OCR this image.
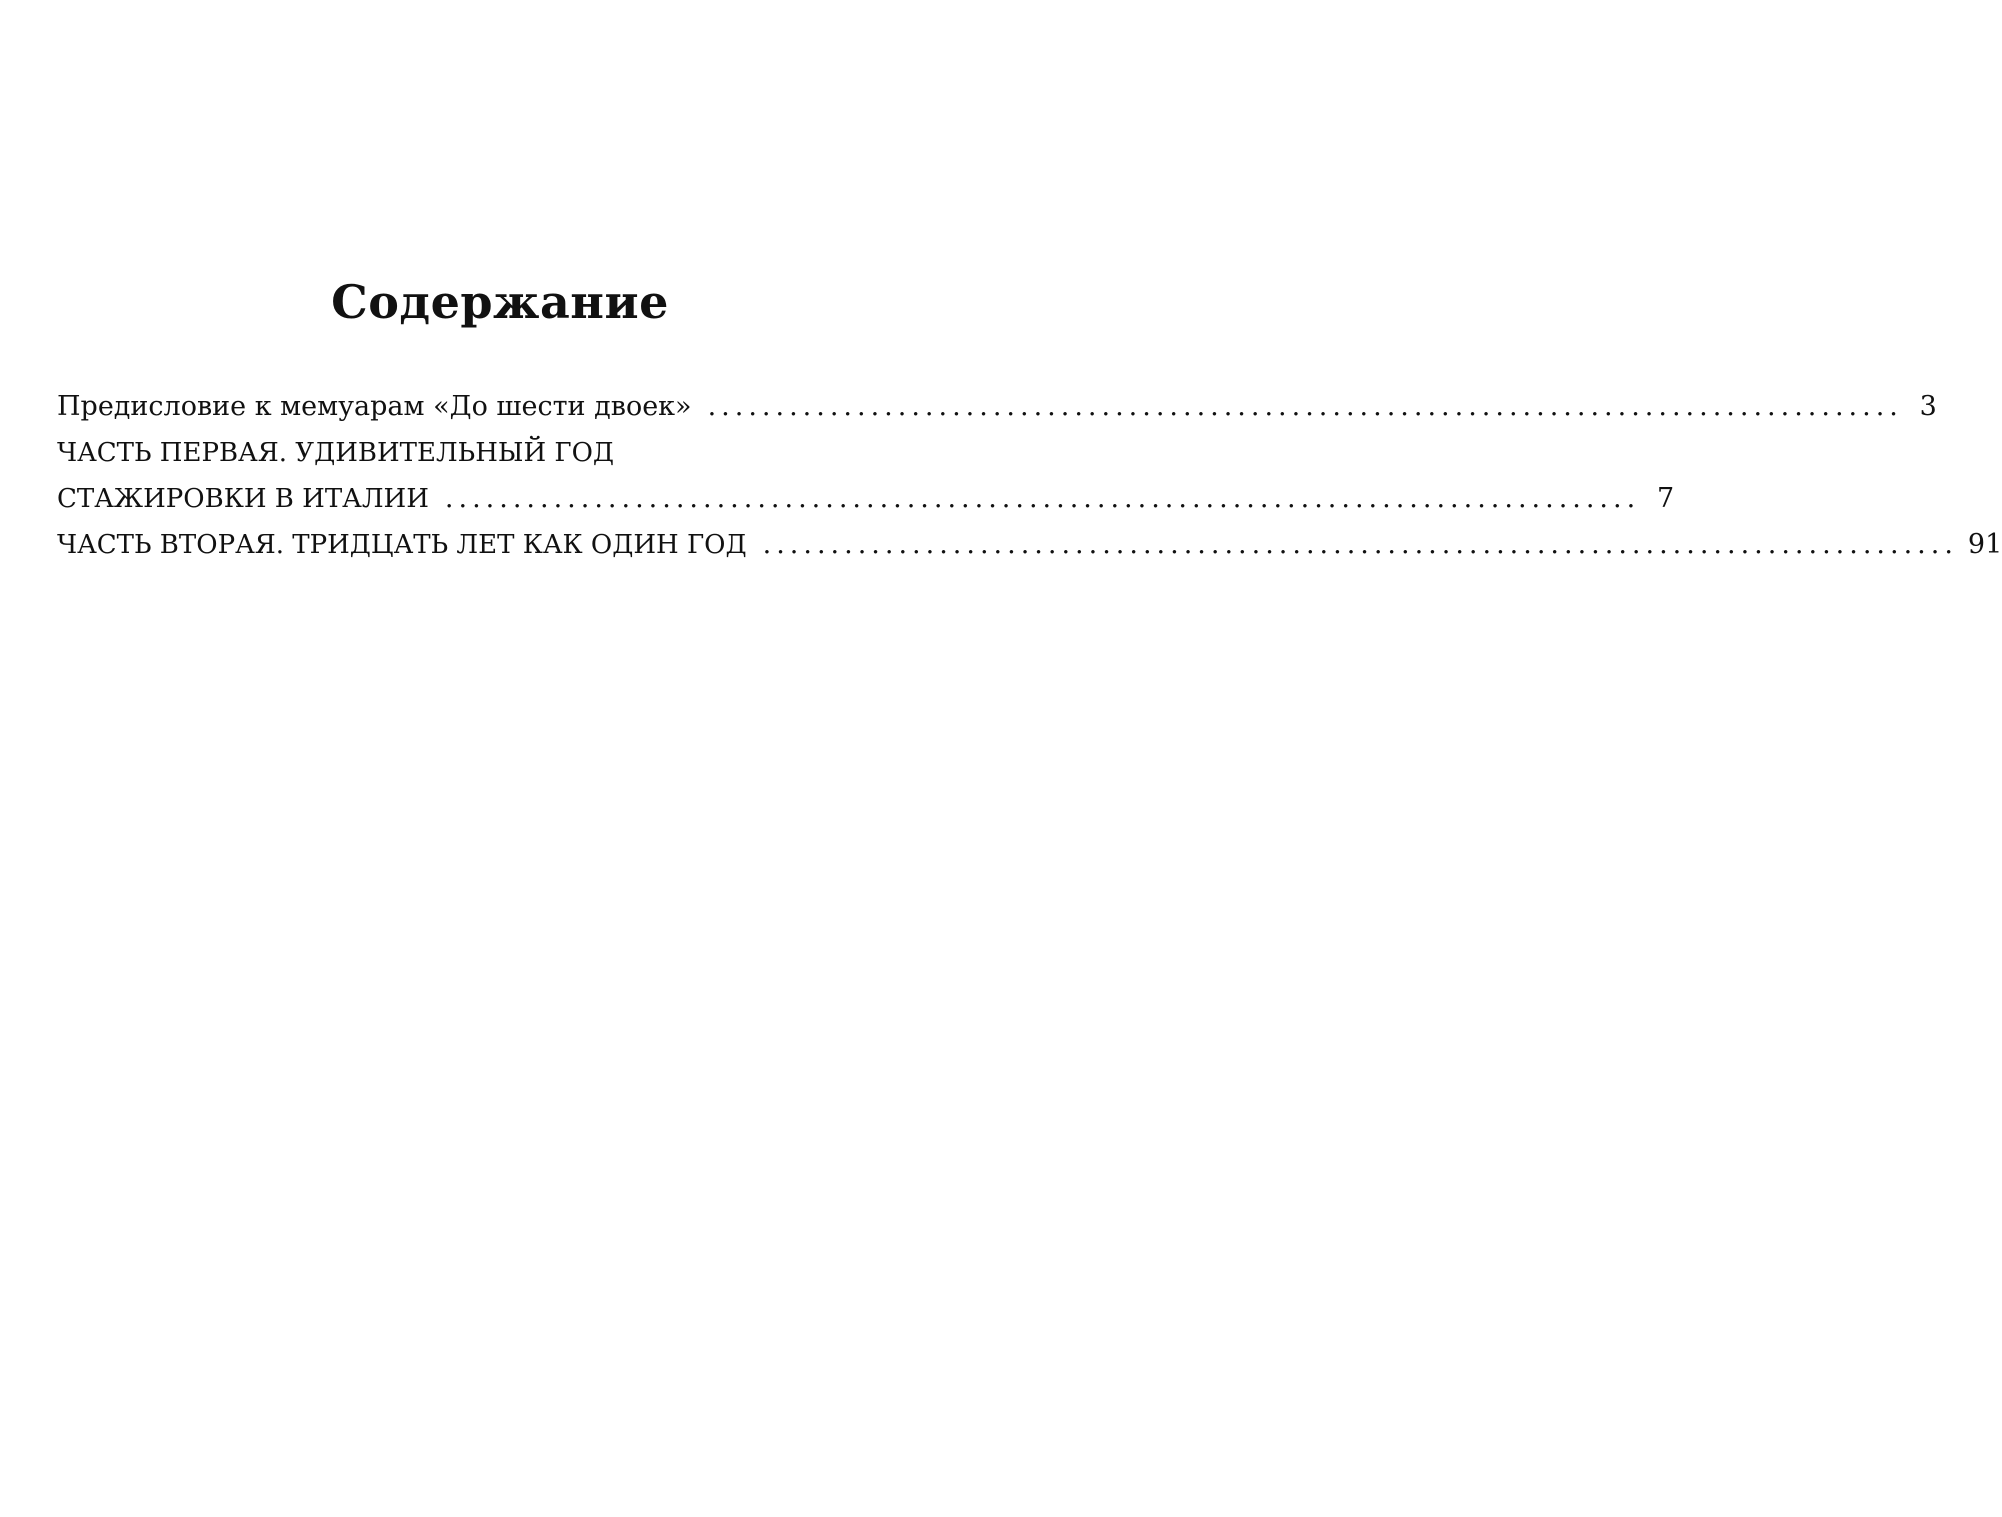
Содержание
Предисловие к мемуарам «До шести двоек» ........................................................................................ 3
ЧАСТЬ ПЕРВАЯ. УДИВИТЕЛЬНЫЙ ГОД
СТАЖИРОВКИ В ИТАЛИИ ........................................................................................ 7
ЧАСТЬ ВТОРАЯ. ТРИДЦАТЬ ЛЕТ КАК ОДИН ГОД ........................................................................................ 91
